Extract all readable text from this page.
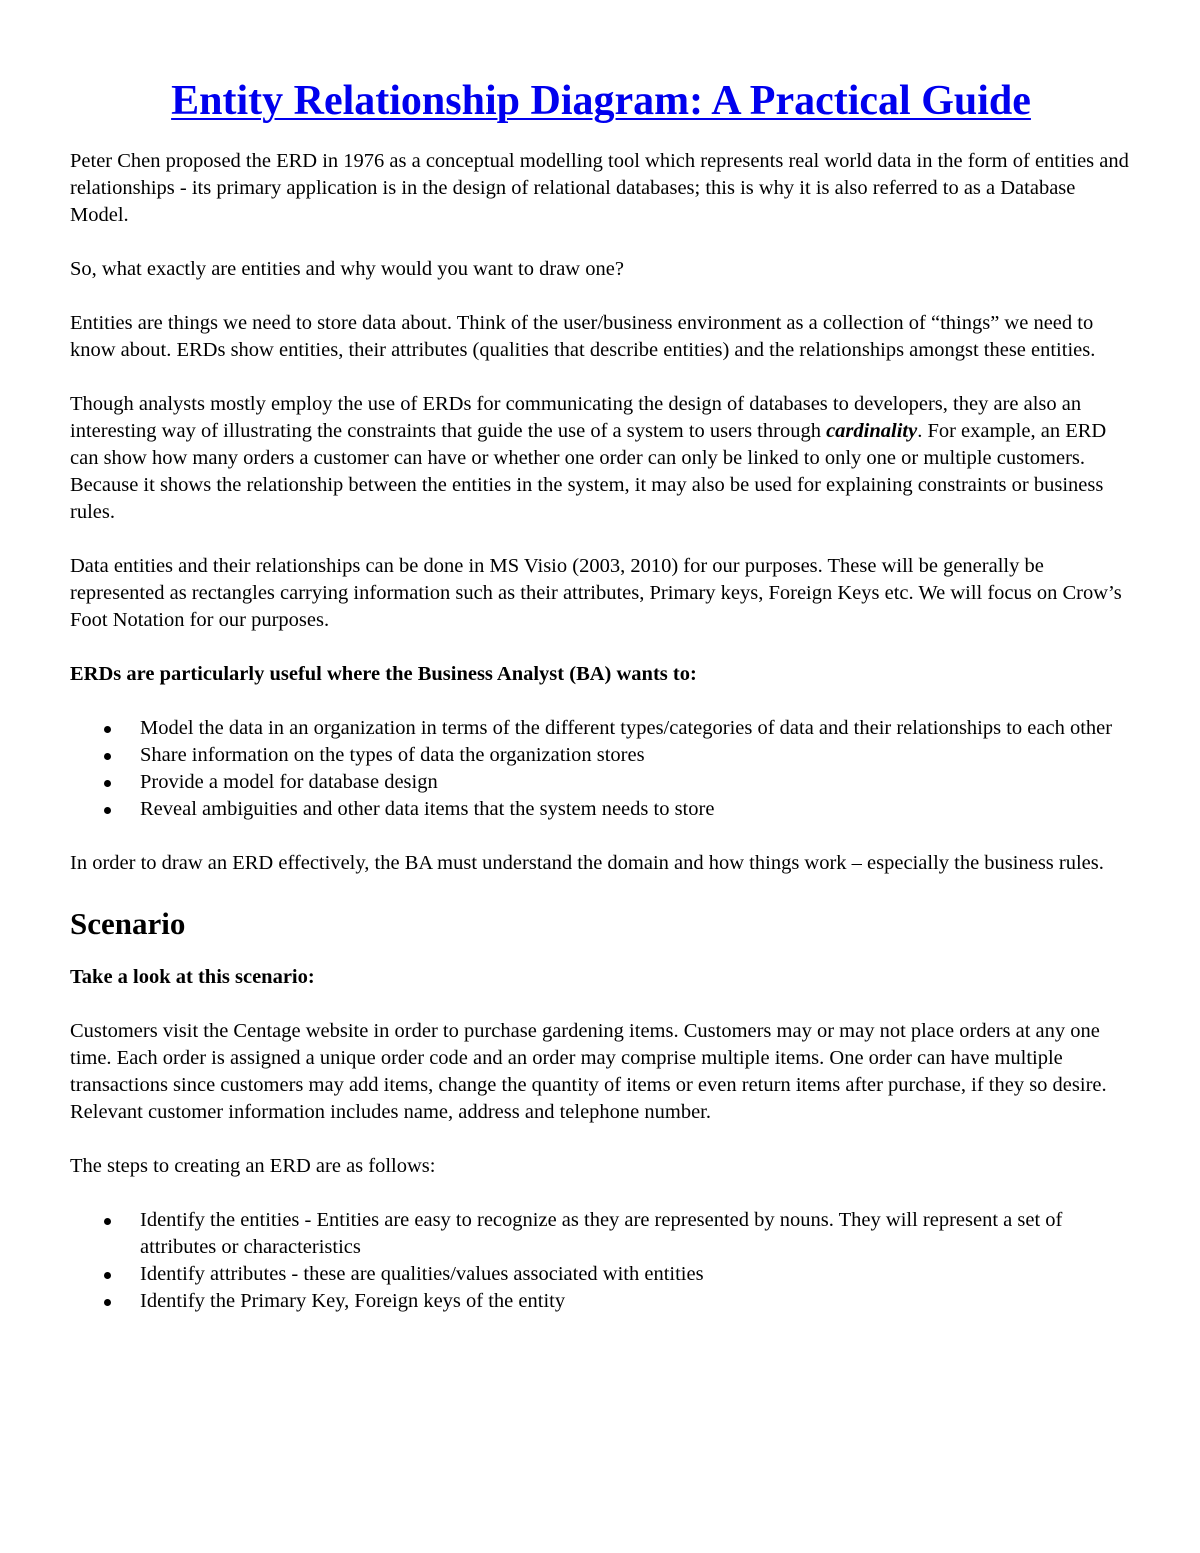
Entity Relationship Diagram: A Practical Guide

Peter Chen proposed the ERD in 1976 as a conceptual modelling tool which represents real world data in the form of entities and relationships - its primary application is in the design of relational databases; this is why it is also referred to as a Database Model.

So, what exactly are entities and why would you want to draw one?

Entities are things we need to store data about. Think of the user/business environment as a collection of “things” we need to know about. ERDs show entities, their attributes (qualities that describe entities) and the relationships amongst these entities.

Though analysts mostly employ the use of ERDs for communicating the design of databases to developers, they are also an interesting way of illustrating the constraints that guide the use of a system to users through cardinality. For example, an ERD can show how many orders a customer can have or whether one order can only be linked to only one or multiple customers. Because it shows the relationship between the entities in the system, it may also be used for explaining constraints or business rules.

Data entities and their relationships can be done in MS Visio (2003, 2010) for our purposes. These will be generally be represented as rectangles carrying information such as their attributes, Primary keys, Foreign Keys etc. We will focus on Crow’s Foot Notation for our purposes.

ERDs are particularly useful where the Business Analyst (BA) wants to:

Model the data in an organization in terms of the different types/categories of data and their relationships to each other
Share information on the types of data the organization stores
Provide a model for database design
Reveal ambiguities and other data items that the system needs to store

In order to draw an ERD effectively, the BA must understand the domain and how things work – especially the business rules.

Scenario

Take a look at this scenario:

Customers visit the Centage website in order to purchase gardening items. Customers may or may not place orders at any one time. Each order is assigned a unique order code and an order may comprise multiple items. One order can have multiple transactions since customers may add items, change the quantity of items or even return items after purchase, if they so desire. Relevant customer information includes name, address and telephone number.

The steps to creating an ERD are as follows:

Identify the entities - Entities are easy to recognize as they are represented by nouns. They will represent a set of attributes or characteristics
Identify attributes - these are qualities/values associated with entities
Identify the Primary Key, Foreign keys of the entity
